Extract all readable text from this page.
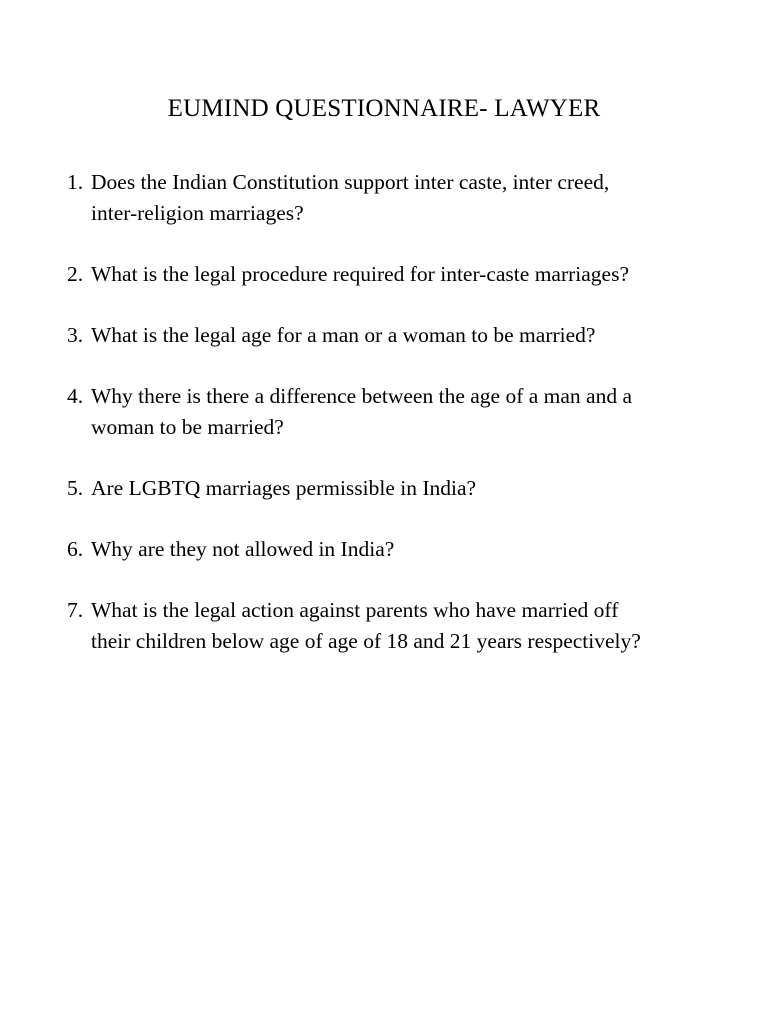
EUMIND QUESTIONNAIRE- LAWYER
1. Does the Indian Constitution support inter caste, inter creed,
inter-religion marriages?
2. What is the legal procedure required for inter-caste marriages?
3. What is the legal age for a man or a woman to be married?
4. Why there is there a difference between the age of a man and a
woman to be married?
5. Are LGBTQ marriages permissible in India?
6. Why are they not allowed in India?
7. What is the legal action against parents who have married off
their children below age of age of 18 and 21 years respectively?
